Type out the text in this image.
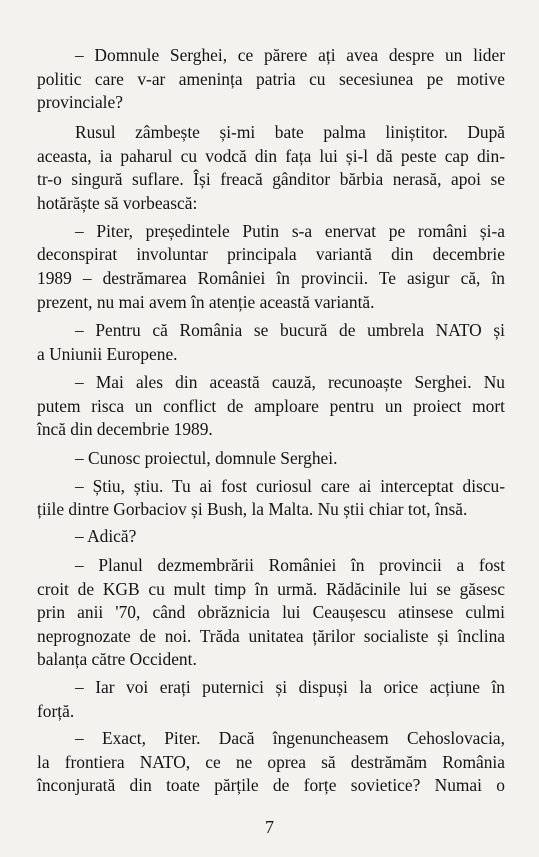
– Domnule Serghei, ce părere ați avea despre un lider
politic care v-ar amenința patria cu secesiunea pe motive
provinciale?
Rusul zâmbește și-mi bate palma liniștitor. După
aceasta, ia paharul cu vodcă din fața lui și-l dă peste cap din-
tr-o singură suflare. Își freacă gânditor bărbia nerasă, apoi se
hotărăște să vorbească:
– Piter, președintele Putin s-a enervat pe români și-a
deconspirat involuntar principala variantă din decembrie
1989 – destrămarea României în provincii. Te asigur că, în
prezent, nu mai avem în atenție această variantă.
– Pentru că România se bucură de umbrela NATO și
a Uniunii Europene.
– Mai ales din această cauză, recunoaște Serghei. Nu
putem risca un conflict de amploare pentru un proiect mort
încă din decembrie 1989.
– Cunosc proiectul, domnule Serghei.
– Știu, știu. Tu ai fost curiosul care ai interceptat discu-
țiile dintre Gorbaciov și Bush, la Malta. Nu știi chiar tot, însă.
– Adică?
– Planul dezmembrării României în provincii a fost
croit de KGB cu mult timp în urmă. Rădăcinile lui se găsesc
prin anii '70, când obrăznicia lui Ceaușescu atinsese culmi
neprognozate de noi. Trăda unitatea țărilor socialiste și înclina
balanța către Occident.
– Iar voi erați puternici și dispuși la orice acțiune în
forță.
– Exact, Piter. Dacă îngenuncheasem Cehoslovacia,
la frontiera NATO, ce ne oprea să destrămăm România
înconjurată din toate părțile de forțe sovietice? Numai o
7
